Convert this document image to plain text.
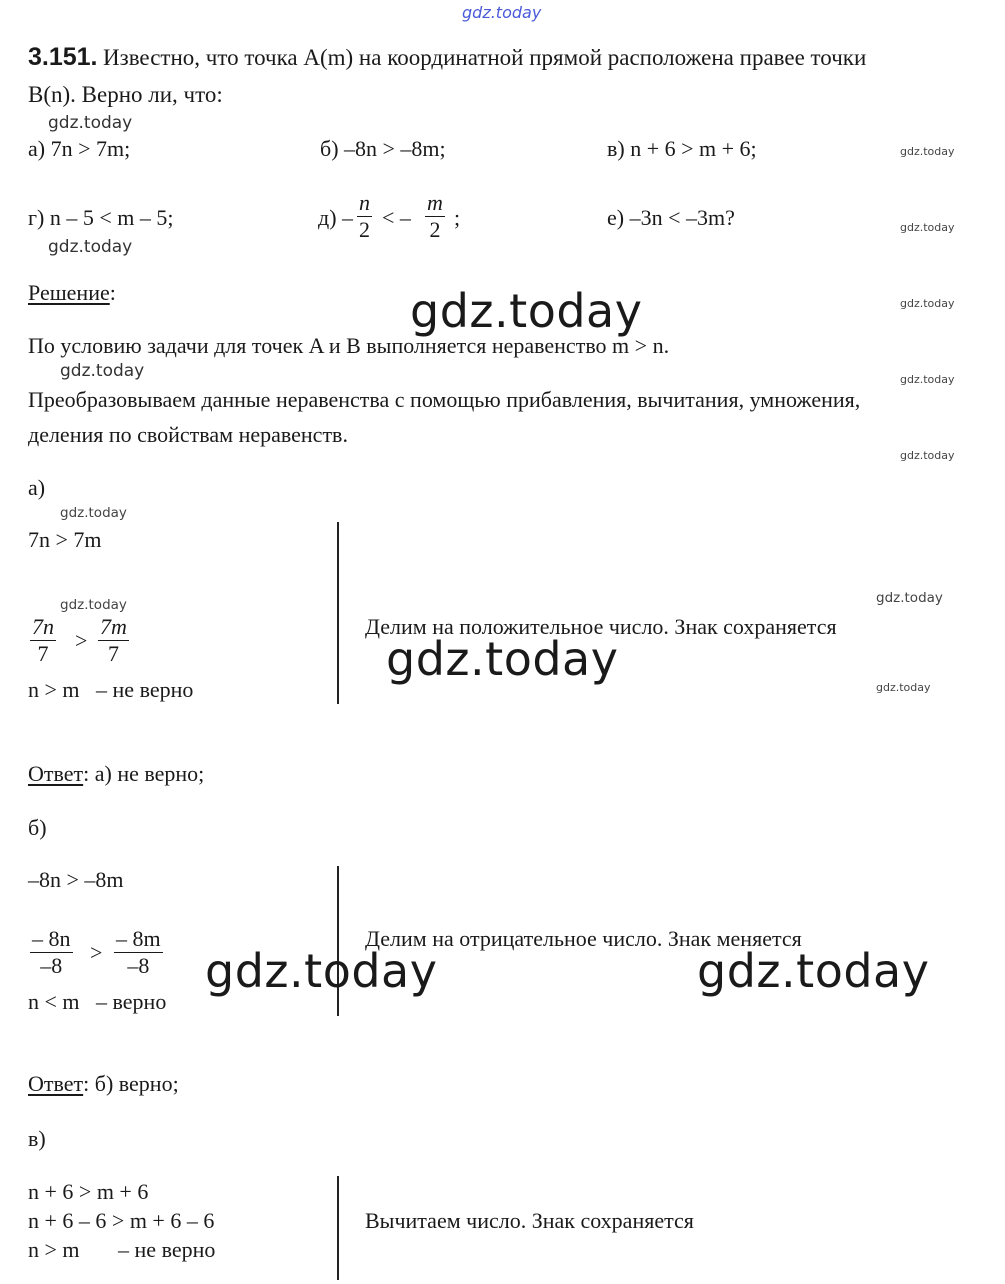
gdz.today
3.151. Известно, что точка A(m) на координатной прямой расположена правее точки
B(n). Верно ли, что:
gdz.today
а) 7n > 7m;	б) –8n > –8m;	в) n + 6 > m + 6;	gdz.today
г) n – 5 < m – 5;	д) –
n
2 < –
m
2 ;	е) –3n < –3m?	gdz.today
gdz.today
Решение:	gdz.today	gdz.today
По условию задачи для точек A и B выполняется неравенство m > n.
gdz.today	gdz.today
Преобразовываем данные неравенства с помощью прибавления, вычитания, умножения,
деления по свойствам неравенств.
gdz.today
а)
gdz.today
7n > 7m
gdz.today	gdz.today
7n
7
>
7m
7
Делим на положительное число. Знак сохраняется
gdz.today
n > m – не верно	gdz.today
Ответ: а) не верно;
б)
–8n > –8m
– 8n
–8
>
– 8m
–8
Делим на отрицательное число. Знак меняется
gdz.today	gdz.today
n < m – верно
Ответ: б) верно;
в)
n + 6 > m + 6
n + 6 – 6 > m + 6 – 6	Вычитаем число. Знак сохраняется
n > m – не верно
